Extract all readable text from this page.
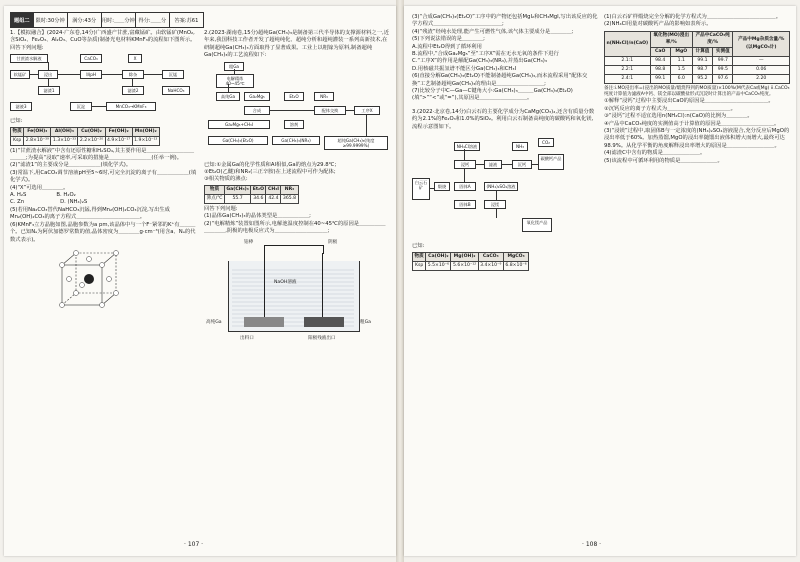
题组二	限时:30分钟	满分:43分	用时:＿＿分钟 得分:＿＿分	答案:苏61

1.【模拟融合】(2024·广东卷,14分)广西盛产甘蔗,富藏锰矿。由软锰矿(MnO₂,含SiO₂、Fe₂O₃、Al₂O₃、CuO等杂质)制备光电材料KMnF₃的流程如下图所示。回答下列问题:

甘蔗渣水解液
软锰矿
CaCO₃	X
浸出	调pH	除杂	沉锰
滤渣1	滤渣2	NaHCO₃
滤液3	沉淀	MnCO₃→KMnF₃

已知:

物质	Fe(OH)₃	Al(OH)₃	Cu(OH)₂	Fe(OH)₂	Mn(OH)₂
Ksp	2.8×10⁻³⁹	1.3×10⁻³³	2.2×10⁻²⁰	4.9×10⁻¹⁷	1.9×10⁻¹³

(1)“甘蔗渣水解液”中含有还原性糖和H₂SO₄,其主要作用是＿＿＿＿＿＿＿＿＿＿＿＿;为提高“浸取”速率,可采取的措施是＿＿＿＿＿＿＿＿(任举一例)。

(2)“滤渣1”的主要成分是＿＿＿＿＿＿(填化学式)。

(3)常温下,用CaCO₃调节溶液pH至5~6时,可完全沉淀的离子有＿＿＿＿＿＿(填化学式)。

(4)“X”可选用＿＿＿＿。

A. H₂S	B. H₂O₂
C. Zn	D. (NH₄)₂S

(5)若用Na₂CO₃替代NaHCO₃沉锰,得到Mn₂(OH)₂CO₃沉淀,写出生成Mn₂(OH)₂CO₃的离子方程式＿＿＿＿＿＿＿＿＿＿＿＿。

(6)KMnF₃立方晶胞如图,晶胞参数为a pm,该晶体中与一个F⁻紧邻的K⁺有＿＿＿个。已知Nₐ为阿伏加德罗常数的值,晶体密度为＿＿＿＿g·cm⁻³(用含a、Nₐ的代数式表示)。

2.(2023·湖南卷,15分)超纯Ga(CH₃)₃是制备第三代半导体的支撑源材料之一,近年来,我国科技工作者开发了超纯纯化、超纯分析和超纯灌装一系列高新技术,在研制超纯Ga(CH₃)₃方面取得了显著成果。工业上以粗镓为原料,制备超纯Ga(CH₃)₃的工艺流程如下:

粗Ga
电解精炼 40~45℃
高纯Ga	Ga₂Mg₅
合成
Ga₂Mg₅+CH₃I
配体交换
NR₃
工序X
Et₂O
溶剂
超纯Ga(CH₃)₃(纯度≥99.9999%)
Ga(CH₃)₃(Et₂O)	Ga(CH₃)₃(NR₃)

已知:①金属Ga的化学性质和Al相似,Ga的熔点为29.8℃;

②Et₂O(乙醚)和NR₃(三正辛胺)在上述流程中可作为配体;

③相关物质的沸点:

物质	Ga(CH₃)₃	Et₂O	CH₃I	NR₃
沸点/℃	55.7	34.6	42.4	365.8

回答下列问题:

(1)晶体Ga(CH₃)₃的晶体类型是＿＿＿＿＿＿;

(2)“电解精炼”装置如图所示,电解池温度控制在40~45℃的原因是＿＿＿＿＿＿＿＿＿,阴极的电极反应式为＿＿＿＿＿＿＿＿＿＿;

铂棒	阴极
NaOH溶液
出料口	阳极残液出口
粗Ga
高纯Ga
· 107 ·

(3)“合成Ga(CH₃)₃(Et₂O)”工序中的产物还包括MgI₂和CH₃MgI,写出该反应的化学方程式＿＿＿＿＿＿＿＿＿＿＿＿＿;

(4)“残渣”经纯水处理,能产生可燃性气体,该气体主要成分是＿＿＿＿;

(5)下列说法错误的是＿＿＿＿;

A.流程中Et₂O得到了循环利用

B.流程中,“合成Ga₂Mg₅”至“工序X”需在无水无氧的条件下进行

C.“工序X”的作用是解配Ga(CH₃)₃(NR₃),并蒸出Ga(CH₃)₃

D.用核磁共振氢谱不能区分Ga(CH₃)₃和CH₃I

(6)直接分解Ga(CH₃)₃(Et₂O)不能制备超纯Ga(CH₃)₃,而本流程采用“配体交换”工艺制备超纯Ga(CH₃)₃的理由是＿＿＿＿＿＿＿＿＿;

(7)比较分子中C—Ga—C键角大小:Ga(CH₃)₃＿＿＿Ga(CH₃)₃(Et₂O)(填“>”“<”或“=”),其原因是＿＿＿＿＿＿＿＿＿。

3.(2022·北京卷,14分)白云石的主要化学成分为CaMg(CO₃)₂,还含有质量分数约为2.1%的Fe₂O₃和1.0%的SiO₂。利用白云石制备高纯度的碳酸钙和氧化镁,流程示意图如下。

白云石矿	煅烧
NH₄Cl溶液
浸钙	滤液
固体A	(NH₄)₂SO₄溶液
浸镁
固体B
沉钙
碳酸钙产品
氧化镁产品
CO₂
NH₃

已知:

物质	Ca(OH)₂	Mg(OH)₂	CaCO₃	MgCO₃
Ksp	5.5×10⁻⁶	5.6×10⁻¹²	3.4×10⁻⁹	6.8×10⁻⁶

(1)白云石矿样煅烧完全分解的化学方程式为＿＿＿＿＿＿＿＿＿＿＿＿＿。

(2)NH₄Cl用量对碳酸钙产品的影响如表所示。

n(NH₄Cl)/n(CaO)	氧化物(MO)浸出率/%		产品中CaCO₃纯度/%		产品中Mg杂质含量/%(以MgCO₃计)
	CaO	MgO	计算值	实测值	
2.1:1	98.4	1.1	99.1	99.7	—
2.2:1	98.8	1.5	98.7	99.5	0.06
2.4:1	99.1	6.0	95.2	97.6	2.20

备注:i.MO浸出率=(浸出的MO质量/煅烧得到的MO质量)×100%(M代表Ca或Mg) ii.CaCO₃纯度计算值为滤液A中钙、镁全部以碳酸盐形式沉淀时计算出的产品中CaCO₃纯度。

①解释“浸钙”过程中主要浸出CaO的原因是＿＿＿＿＿＿＿＿＿＿＿＿。

②沉钙反应的离子方程式为＿＿＿＿＿＿＿＿＿＿＿＿。

③“浸钙”过程不适宜选用n(NH₄Cl):n(CaO)的比例为＿＿＿＿。

④产品中CaCO₃纯度的实测值高于计算值的原因是＿＿＿＿＿＿＿＿＿＿。

(3)“浸镁”过程中,取固体B与一定浓度的(NH₄)₂SO₄溶液混合,充分反应后MgO的浸出率低于60%。加热蒸馏,MgO的浸出率随馏出液体积增大而增大,最终可达98.9%。从化学平衡的角度解释浸出率增大的原因是＿＿＿＿＿＿＿＿＿。

(4)滤渣C中含有的物质是＿＿＿＿＿＿＿。

(5)该流程中可循环利用的物质是＿＿＿＿＿＿＿。

· 108 ·
